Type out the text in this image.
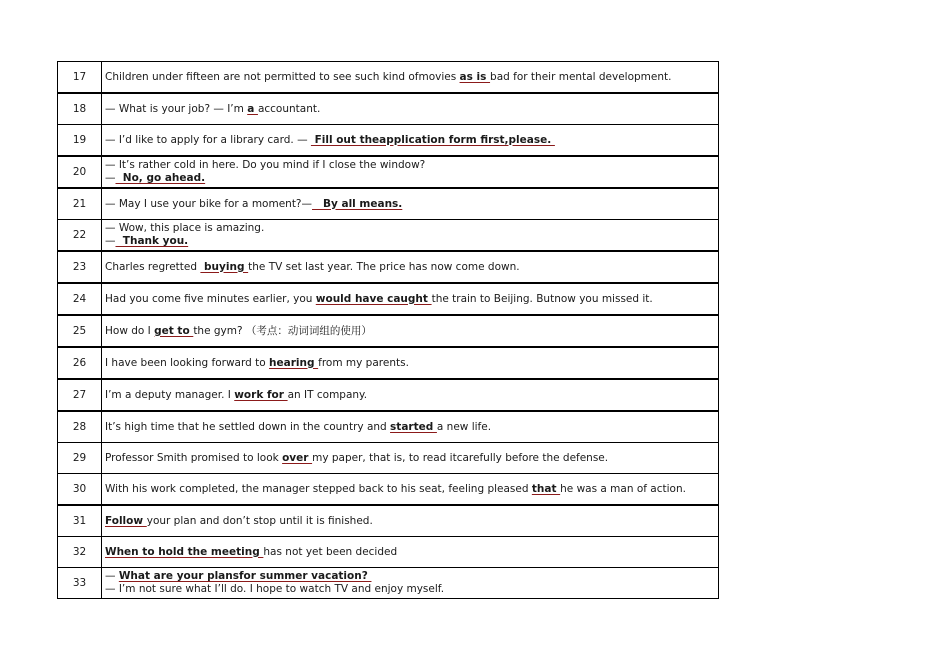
17	Children under fifteen are not permitted to see such kind ofmovies as is bad for their mental development.

18	— What is your job? — I’m a accountant.

19	— I’d like to apply for a library card. —  Fill out theapplication form first,please.

20	— It’s rather cold in here. Do you mind if I close the window?
—  No, go ahead.

21	— May I use your bike for a moment?—   By all means.

22	— Wow, this place is amazing.
—  Thank you.

23	Charles regretted  buying the TV set last year. The price has now come down.

24	Had you come five minutes earlier, you would have caught the train to Beijing. Butnow you missed it.

25	How do I get to the gym? （考点：动词词组的使用）

26	I have been looking forward to hearing from my parents.

27	I’m a deputy manager. I work for an IT company.

28	It’s high time that he settled down in the country and started a new life.

29	Professor Smith promised to look over my paper, that is, to read itcarefully before the defense.

30	With his work completed, the manager stepped back to his seat, feeling pleased that he was a man of action.

31	Follow your plan and don’t stop until it is finished.

32	When to hold the meeting has not yet been decided

33	— What are your plansfor summer vacation?
— I’m not sure what I’ll do. I hope to watch TV and enjoy myself.
